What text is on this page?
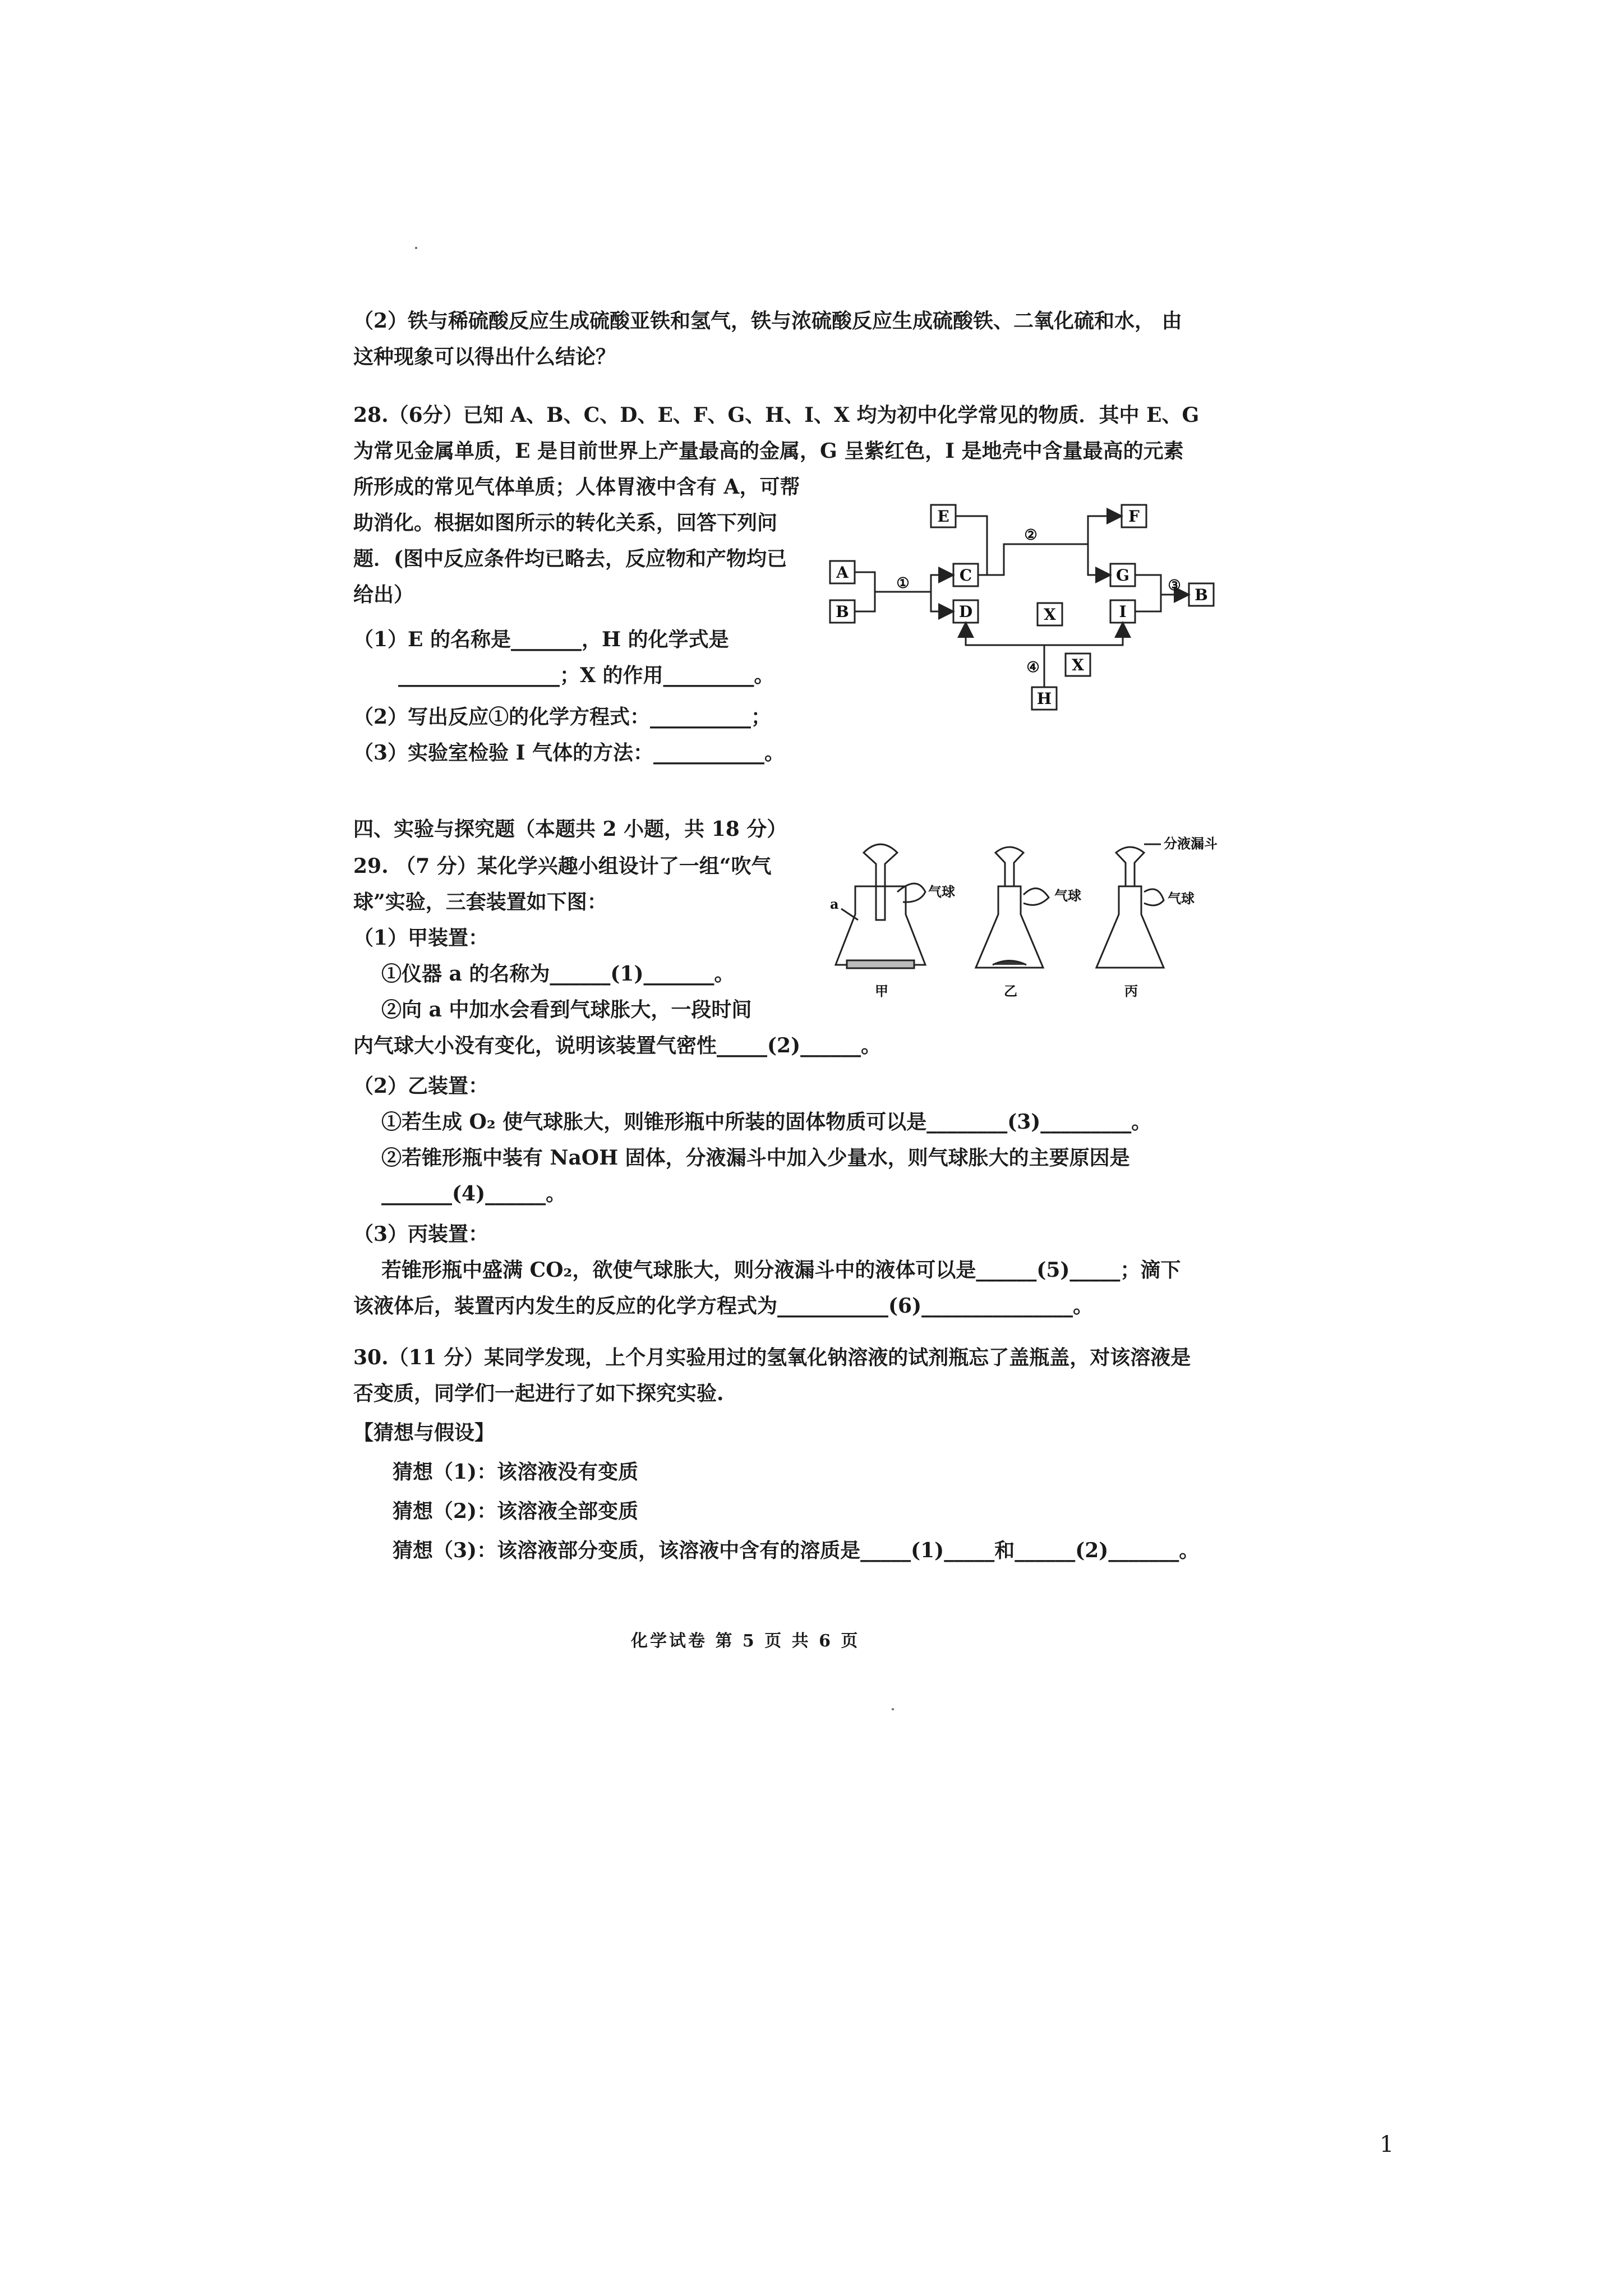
（2）铁与稀硫酸反应生成硫酸亚铁和氢气，铁与浓硫酸反应生成硫酸铁、二氧化硫和水， 由
这种现象可以得出什么结论？
28.（6分）已知 A、B、C、D、E、F、G、H、I、X 均为初中化学常见的物质．其中 E、G
为常见金属单质，E 是目前世界上产量最高的金属，G 呈紫红色，I 是地壳中含量最高的元素
所形成的常见气体单质；人体胃液中含有 A，可帮
助消化。根据如图所示的转化关系，回答下列问
题．(图中反应条件均已略去，反应物和产物均已
给出）
（1）E 的名称是_______，H 的化学式是
________________；X 的作用_________。
（2）写出反应①的化学方程式：__________；
（3）实验室检验 I 气体的方法：___________。
E	F
A
B
C
D	X
G
I
B
X
H
①
②
③
④
四、实验与探究题（本题共 2 小题，共 18 分）
29. （7 分）某化学兴趣小组设计了一组“吹气
球”实验，三套装置如下图：
（1）甲装置：
①仪器 a 的名称为______(1)_______。
②向 a 中加水会看到气球胀大，一段时间
内气球大小没有变化，说明该装置气密性_____(2)______。
（2）乙装置：
①若生成 O₂ 使气球胀大，则锥形瓶中所装的固体物质可以是________(3)_________。
②若锥形瓶中装有 NaOH 固体，分液漏斗中加入少量水，则气球胀大的主要原因是
_______(4)______。
（3）丙装置：
若锥形瓶中盛满 CO₂，欲使气球胀大，则分液漏斗中的液体可以是______(5)_____；滴下
该液体后，装置丙内发生的反应的化学方程式为___________(6)_______________。
分液漏斗
气球	气球	气球
a
甲	乙	丙
30.（11 分）某同学发现，上个月实验用过的氢氧化钠溶液的试剂瓶忘了盖瓶盖，对该溶液是
否变质，同学们一起进行了如下探究实验.
【猜想与假设】
猜想（1)：该溶液没有变质
猜想（2)：该溶液全部变质
猜想（3)：该溶液部分变质，该溶液中含有的溶质是_____(1)_____和______(2)_______。
化学试卷 第 5 页 共 6 页
1
